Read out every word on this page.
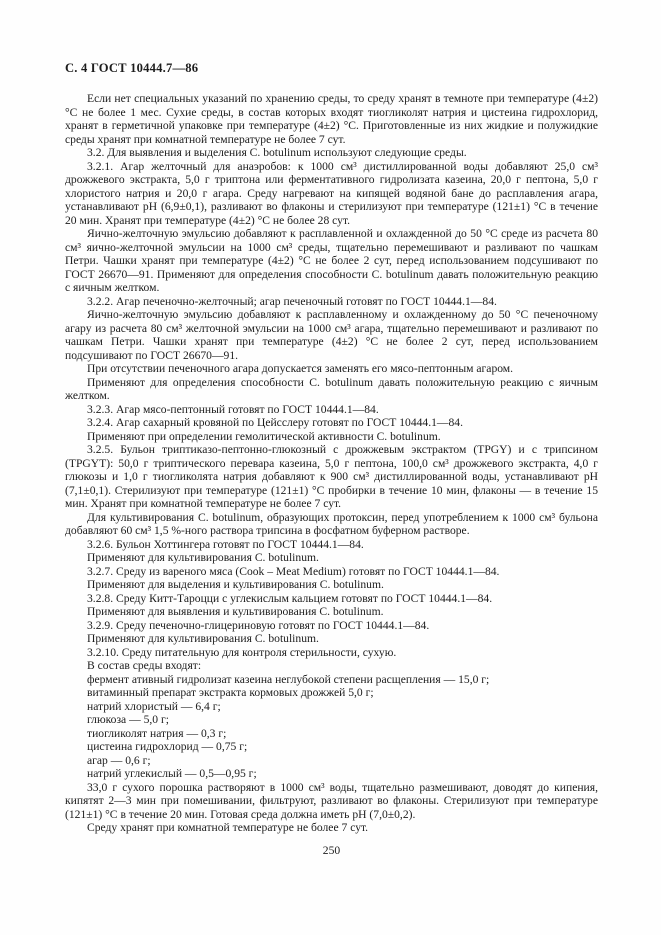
С. 4 ГОСТ 10444.7—86

Если нет специальных указаний по хранению среды, то среду хранят в темноте при температуре (4±2) °С не более 1 мес. Сухие среды, в состав которых входят тиогликолят натрия и цистеина гидрохлорид, хранят в герметичной упаковке при температуре (4±2) °С. Приготовленные из них жидкие и полужидкие среды хранят при комнатной температуре не более 7 сут.

3.2. Для выявления и выделения C. botulinum используют следующие среды.

3.2.1. Агар желточный для анаэробов: к 1000 см³ дистиллированной воды добавляют 25,0 см³ дрожжевого экстракта, 5,0 г триптона или ферментативного гидролизата казеина, 20,0 г пептона, 5,0 г хлористого натрия и 20,0 г агара. Среду нагревают на кипящей водяной бане до расплавления агара, устанавливают pH (6,9±0,1), разливают во флаконы и стерилизуют при температуре (121±1) °С в течение 20 мин. Хранят при температуре (4±2) °С не более 28 сут.

Яично-желточную эмульсию добавляют к расплавленной и охлажденной до 50 °С среде из расчета 80 см³ яично-желточной эмульсии на 1000 см³ среды, тщательно перемешивают и разливают по чашкам Петри. Чашки хранят при температуре (4±2) °С не более 2 сут, перед использованием подсушивают по ГОСТ 26670—91. Применяют для определения способности C. botulinum давать положительную реакцию с яичным желтком.

3.2.2. Агар печеночно-желточный; агар печеночный готовят по ГОСТ 10444.1—84.

Яично-желточную эмульсию добавляют к расплавленному и охлажденному до 50 °С печеночному агару из расчета 80 см³ желточной эмульсии на 1000 см³ агара, тщательно перемешивают и разливают по чашкам Петри. Чашки хранят при температуре (4±2) °С не более 2 сут, перед использованием подсушивают по ГОСТ 26670—91.

При отсутствии печеночного агара допускается заменять его мясо-пептонным агаром.

Применяют для определения способности C. botulinum давать положительную реакцию с яичным желтком.

3.2.3. Агар мясо-пептонный готовят по ГОСТ 10444.1—84.

3.2.4. Агар сахарный кровяной по Цейсслеру готовят по ГОСТ 10444.1—84.

Применяют при определении гемолитической активности C. botulinum.

3.2.5. Бульон триптиказо-пептонно-глюкозный с дрожжевым экстрактом (TPGY) и с трипсином (TPGYT): 50,0 г триптического перевара казеина, 5,0 г пептона, 100,0 см³ дрожжевого экстракта, 4,0 г глюкозы и 1,0 г тиогликолята натрия добавляют к 900 см³ дистиллированной воды, устанавливают pH (7,1±0,1). Стерилизуют при температуре (121±1) °С пробирки в течение 10 мин, флаконы — в течение 15 мин. Хранят при комнатной температуре не более 7 сут.

Для культивирования C. botulinum, образующих протоксин, перед употреблением к 1000 см³ бульона добавляют 60 см³ 1,5 %-ного раствора трипсина в фосфатном буферном растворе.

3.2.6. Бульон Хоттингера готовят по ГОСТ 10444.1—84.

Применяют для культивирования C. botulinum.

3.2.7. Среду из вареного мяса (Cook – Meat Medium) готовят по ГОСТ 10444.1—84.

Применяют для выделения и культивирования C. botulinum.

3.2.8. Среду Китт-Тароцци с углекислым кальцием готовят по ГОСТ 10444.1—84.

Применяют для выявления и культивирования C. botulinum.

3.2.9. Среду печеночно-глицериновую готовят по ГОСТ 10444.1—84.

Применяют для культивирования C. botulinum.

3.2.10. Среду питательную для контроля стерильности, сухую.

В состав среды входят:

фермент ативный гидролизат казеина неглубокой степени расщепления — 15,0 г;

витаминный препарат экстракта кормовых дрожжей 5,0 г;

натрий хлористый — 6,4 г;

глюкоза — 5,0 г;

тиогликолят натрия — 0,3 г;

цистеина гидрохлорид — 0,75 г;

агар — 0,6 г;

натрий углекислый — 0,5—0,95 г;

33,0 г сухого порошка растворяют в 1000 см³ воды, тщательно размешивают, доводят до кипения, кипятят 2—3 мин при помешивании, фильтруют, разливают во флаконы. Стерилизуют при температуре (121±1) °С в течение 20 мин. Готовая среда должна иметь pH (7,0±0,2).

Среду хранят при комнатной температуре не более 7 сут.

250
